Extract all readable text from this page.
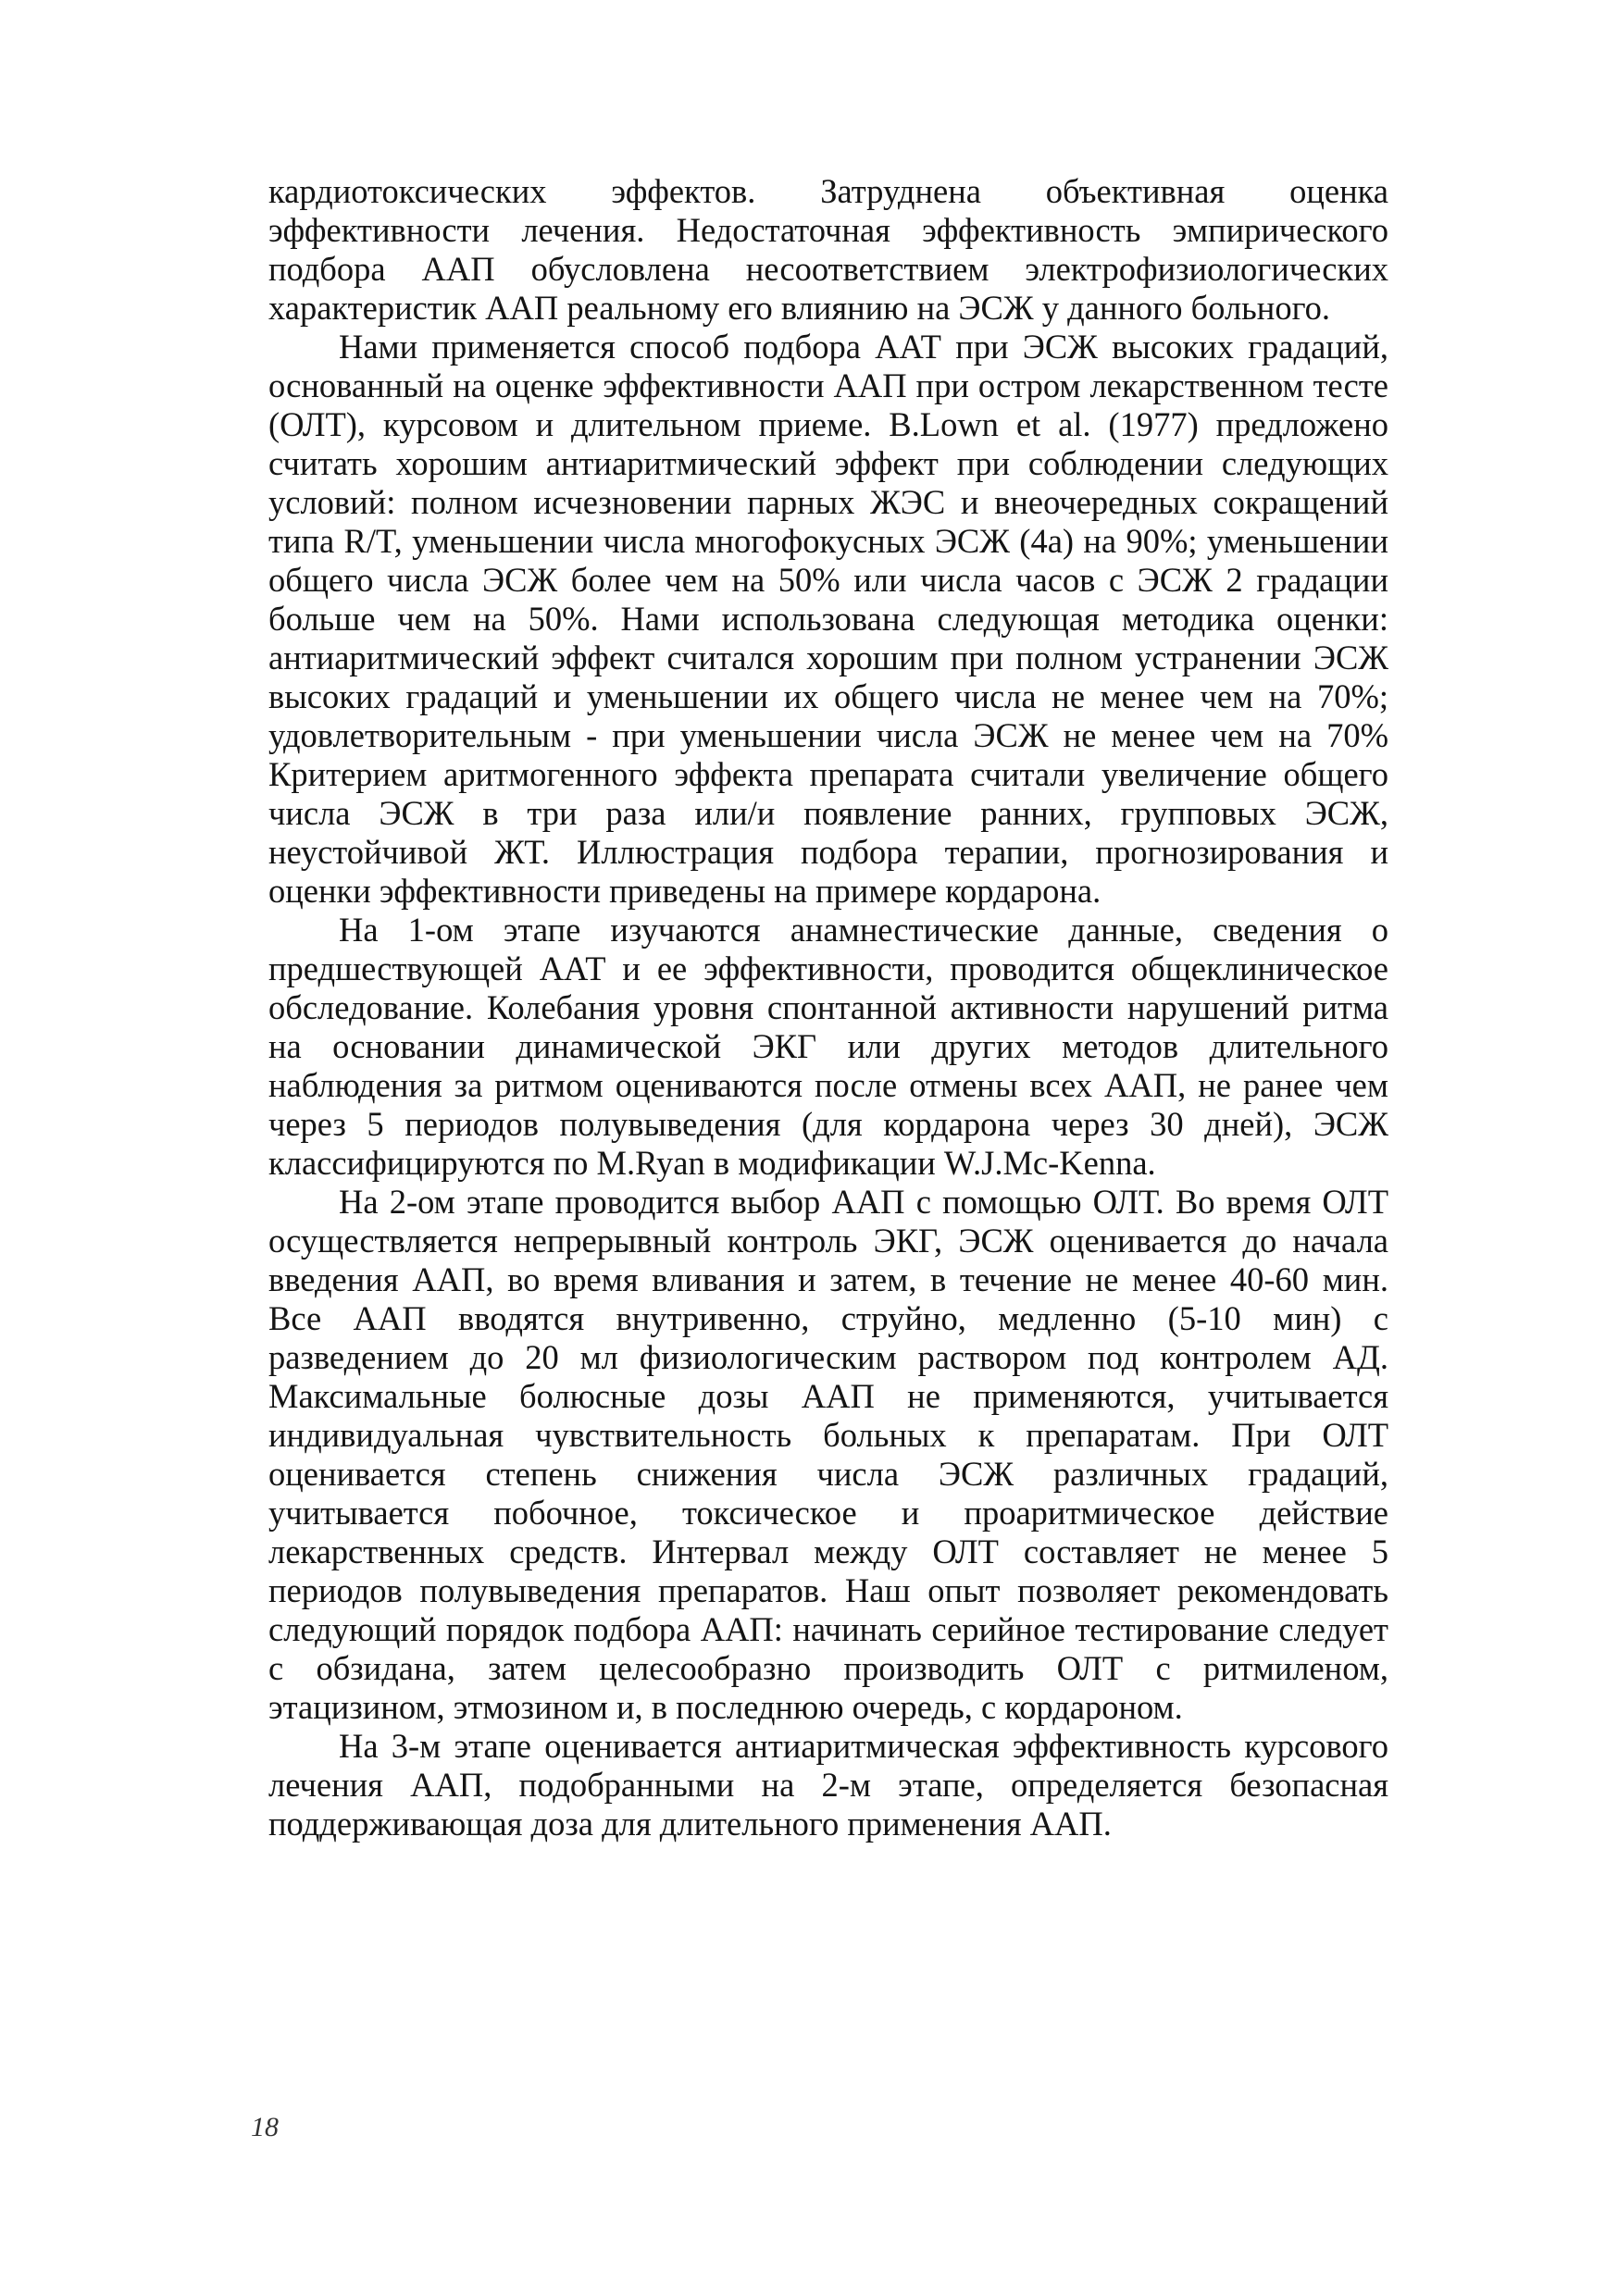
кардиотоксических эффектов. Затруднена объективная оценка эффективности лечения. Недостаточная эффективность эмпирического подбора ААП обусловлена несоответствием электрофизиологических характеристик ААП реальному его влиянию на ЭСЖ у данного больного.

Нами применяется способ подбора ААТ при ЭСЖ высоких градаций, основанный на оценке эффективности ААП при остром лекарственном тесте (ОЛТ), курсовом и длительном приеме. B.Lown et al. (1977) предложено считать хорошим антиаритмический эффект при соблюдении следующих условий: полном исчезновении парных ЖЭС и внеочередных сокращений типа R/T, уменьшении числа многофокусных ЭСЖ (4а) на 90%; уменьшении общего числа ЭСЖ более чем на 50% или числа часов с ЭСЖ 2 градации больше чем на 50%. Нами использована следующая методика оценки: антиаритмический эффект считался хорошим при полном устранении ЭСЖ высоких градаций и уменьшении их общего числа не менее чем на 70%; удовлетворительным - при уменьшении числа ЭСЖ не менее чем на 70% Критерием аритмогенного эффекта препарата считали увеличение общего числа ЭСЖ в три раза или/и появление ранних, групповых ЭСЖ, неустойчивой ЖТ. Иллюстрация подбора терапии, прогнозирования и оценки эффективности приведены на примере кордарона.

На 1-ом этапе изучаются анамнестические данные, сведения о предшествующей ААТ и ее эффективности, проводится общеклиническое обследование. Колебания уровня спонтанной активности нарушений ритма на основании динамической ЭКГ или других методов длительного наблюдения за ритмом оцениваются после отмены всех ААП, не ранее чем через 5 периодов полувыведения (для кордарона через 30 дней), ЭСЖ классифицируются по M.Ryan в модификации W.J.Mc-Kenna.

На 2-ом этапе проводится выбор ААП с помощью ОЛТ. Во время ОЛТ осуществляется непрерывный контроль ЭКГ, ЭСЖ оценивается до начала введения ААП, во время вливания и затем, в течение не менее 40-60 мин. Все ААП вводятся внутривенно, струйно, медленно (5-10 мин) с разведением до 20 мл физиологическим раствором под контролем АД. Максимальные болюсные дозы ААП не применяются, учитывается индивидуальная чувствительность больных к препаратам. При ОЛТ оценивается степень снижения числа ЭСЖ различных градаций, учитывается побочное, токсическое и проаритмическое действие лекарственных средств. Интервал между ОЛТ составляет не менее 5 периодов полувыведения препаратов. Наш опыт позволяет рекомендовать следующий порядок подбора ААП: начинать серийное тестирование следует с обзидана, затем целесообразно производить ОЛТ с ритмиленом, этацизином, этмозином и, в последнюю очередь, с кордароном.

На 3-м этапе оценивается антиаритмическая эффективность курсового лечения ААП, подобранными на 2-м этапе, определяется безопасная поддерживающая доза для длительного применения ААП.

18
